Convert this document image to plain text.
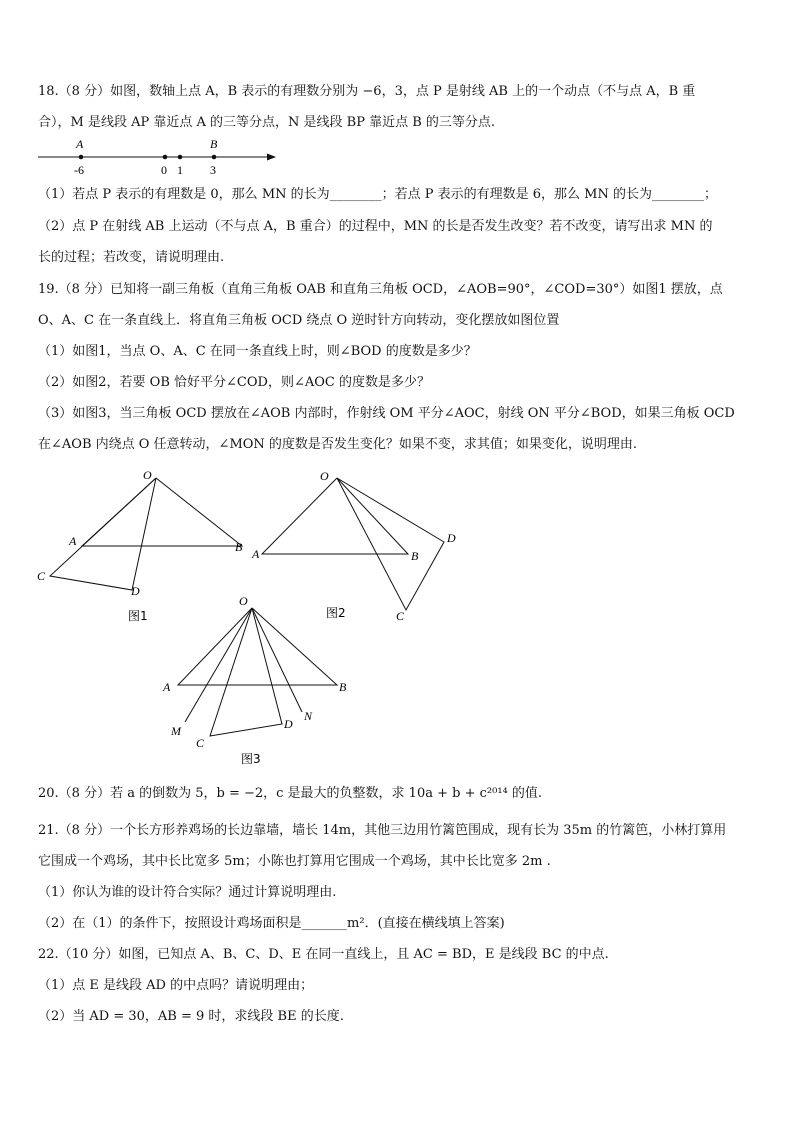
18.（8 分）如图，数轴上点 A，B 表示的有理数分别为 −6，3，点 P 是射线 AB 上的一个动点（不与点 A，B 重
合），M 是线段 AP 靠近点 A 的三等分点，N 是线段 BP 靠近点 B 的三等分点.
A	B
-6	0 1 3
（1）若点 P 表示的有理数是 0，那么 MN 的长为________；若点 P 表示的有理数是 6，那么 MN 的长为________；
（2）点 P 在射线 AB 上运动（不与点 A，B 重合）的过程中，MN 的长是否发生改变？若不改变，请写出求 MN 的
长的过程；若改变，请说明理由.
19.（8 分）已知将一副三角板（直角三角板 OAB 和直角三角板 OCD，∠AOB=90°，∠COD=30°）如图1 摆放，点
O、A、C 在一条直线上．将直角三角板 OCD 绕点 O 逆时针方向转动，变化摆放如图位置
（1）如图1，当点 O、A、C 在同一条直线上时，则∠BOD 的度数是多少？
（2）如图2，若要 OB 恰好平分∠COD，则∠AOC 的度数是多少？
（3）如图3，当三角板 OCD 摆放在∠AOB 内部时，作射线 OM 平分∠AOC，射线 ON 平分∠BOD，如果三角板 OCD
在∠AOB 内绕点 O 任意转动，∠MON 的度数是否发生变化？如果不变，求其值；如果变化，说明理由.
O
A	B
C
D
图1
O
A	B
C
D
图2
O
A	B
C
D
M
N
图3
20.（8 分）若 a 的倒数为 5，b = −2，c 是最大的负整数，求 10a + b + c²⁰¹⁴ 的值.
21.（8 分）一个长方形养鸡场的长边靠墙，墙长 14m，其他三边用竹篱笆围成，现有长为 35m 的竹篱笆，小林打算用
它围成一个鸡场，其中长比宽多 5m；小陈也打算用它围成一个鸡场，其中长比宽多 2m .
（1）你认为谁的设计符合实际？通过计算说明理由.
（2）在（1）的条件下，按照设计鸡场面积是_______m²．(直接在横线填上答案)
22.（10 分）如图，已知点 A、B、C、D、E 在同一直线上，且 AC = BD，E 是线段 BC 的中点.
（1）点 E 是线段 AD 的中点吗？请说明理由；
（2）当 AD = 30，AB = 9 时，求线段 BE 的长度.
